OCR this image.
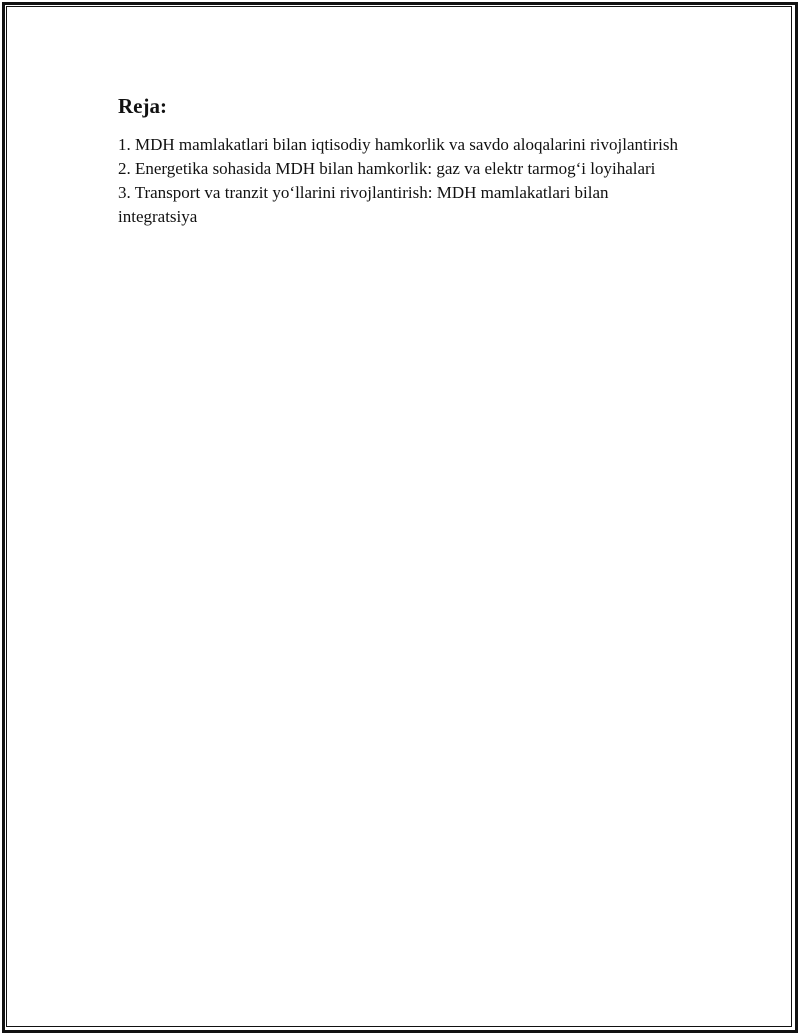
Reja:
1. MDH mamlakatlari bilan iqtisodiy hamkorlik va savdo aloqalarini rivojlantirish
2. Energetika sohasida MDH bilan hamkorlik: gaz va elektr tarmog‘i loyihalari
3. Transport va tranzit yo‘llarini rivojlantirish: MDH mamlakatlari bilan integratsiya
